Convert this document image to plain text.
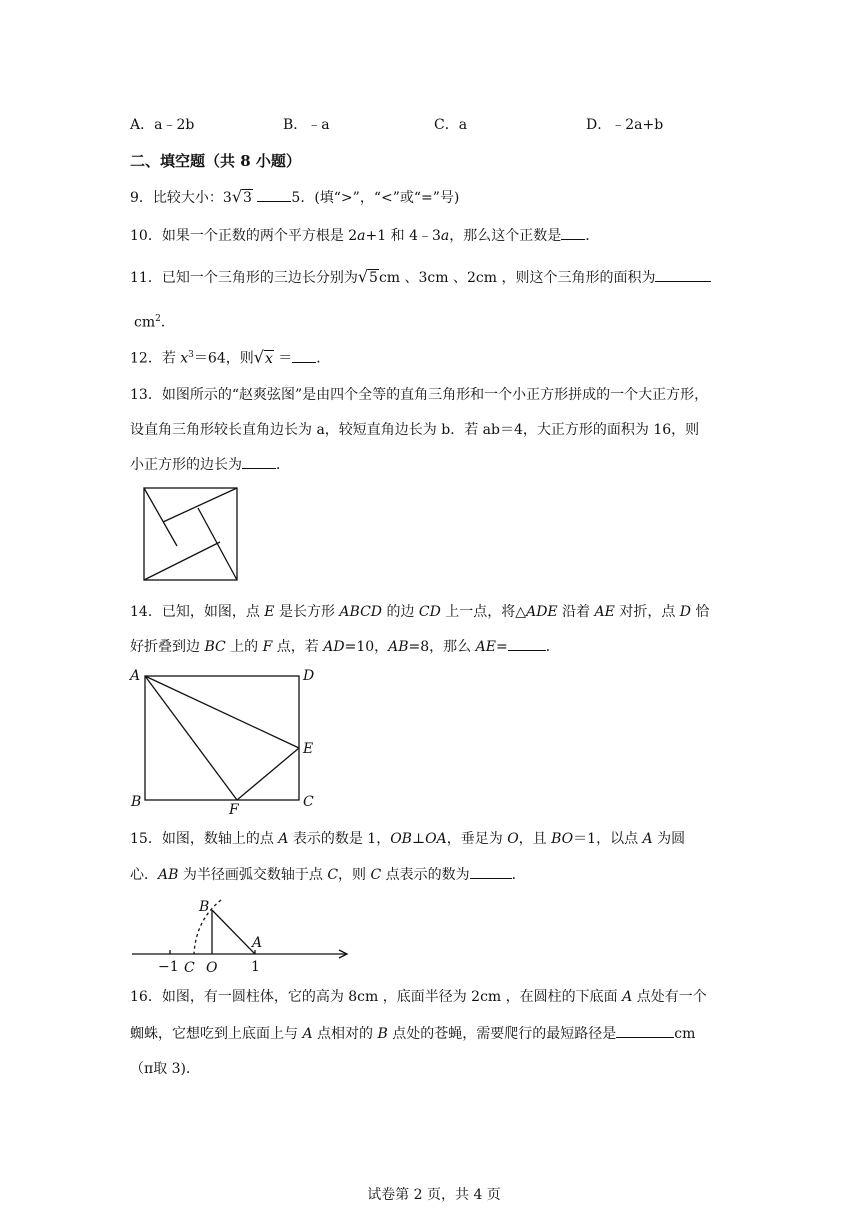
A．a﹣2b	B．﹣a	C．a	D．﹣2a+b
二、填空题（共 8 小题）
9．比较大小：3√3	5．(填“>”，“<”或“=”号)
10．如果一个正数的两个平方根是 2a+1 和 4﹣3a，那么这个正数是 ．
11．已知一个三角形的三边长分别为√5cm 、3cm 、2cm ，则这个三角形的面积为
$cm^2$．
12．若 $x^3=64$，则√x ＝ ．
13．如图所示的“赵爽弦图”是由四个全等的直角三角形和一个小正方形拼成的一个大正方形，
设直角三角形较长直角边长为 a，较短直角边长为 b．若 ab＝4，大正方形的面积为 16，则
小正方形的边长为 ．
14．已知，如图，点 E 是长方形 ABCD 的边 CD 上一点，将△ADE 沿着 AE 对折，点 D 恰
好折叠到边 BC 上的 F 点，若 AD=10，AB=8，那么 AE=	．
A	D
E
B	F	C
15．如图，数轴上的点 A 表示的数是 1，OB⊥OA，垂足为 O，且 BO＝1，以点 A 为圆
心．AB 为半径画弧交数轴于点 C，则 C 点表示的数为	．
B
A
−1 C O 1
16．如图，有一圆柱体，它的高为 8cm ，底面半径为 2cm ，在圆柱的下底面 A 点处有一个
蜘蛛，它想吃到上底面上与 A 点相对的 B 点处的苍蝇，需要爬行的最短路径是	cm
（π取 3)．
试卷第 2 页，共 4 页
